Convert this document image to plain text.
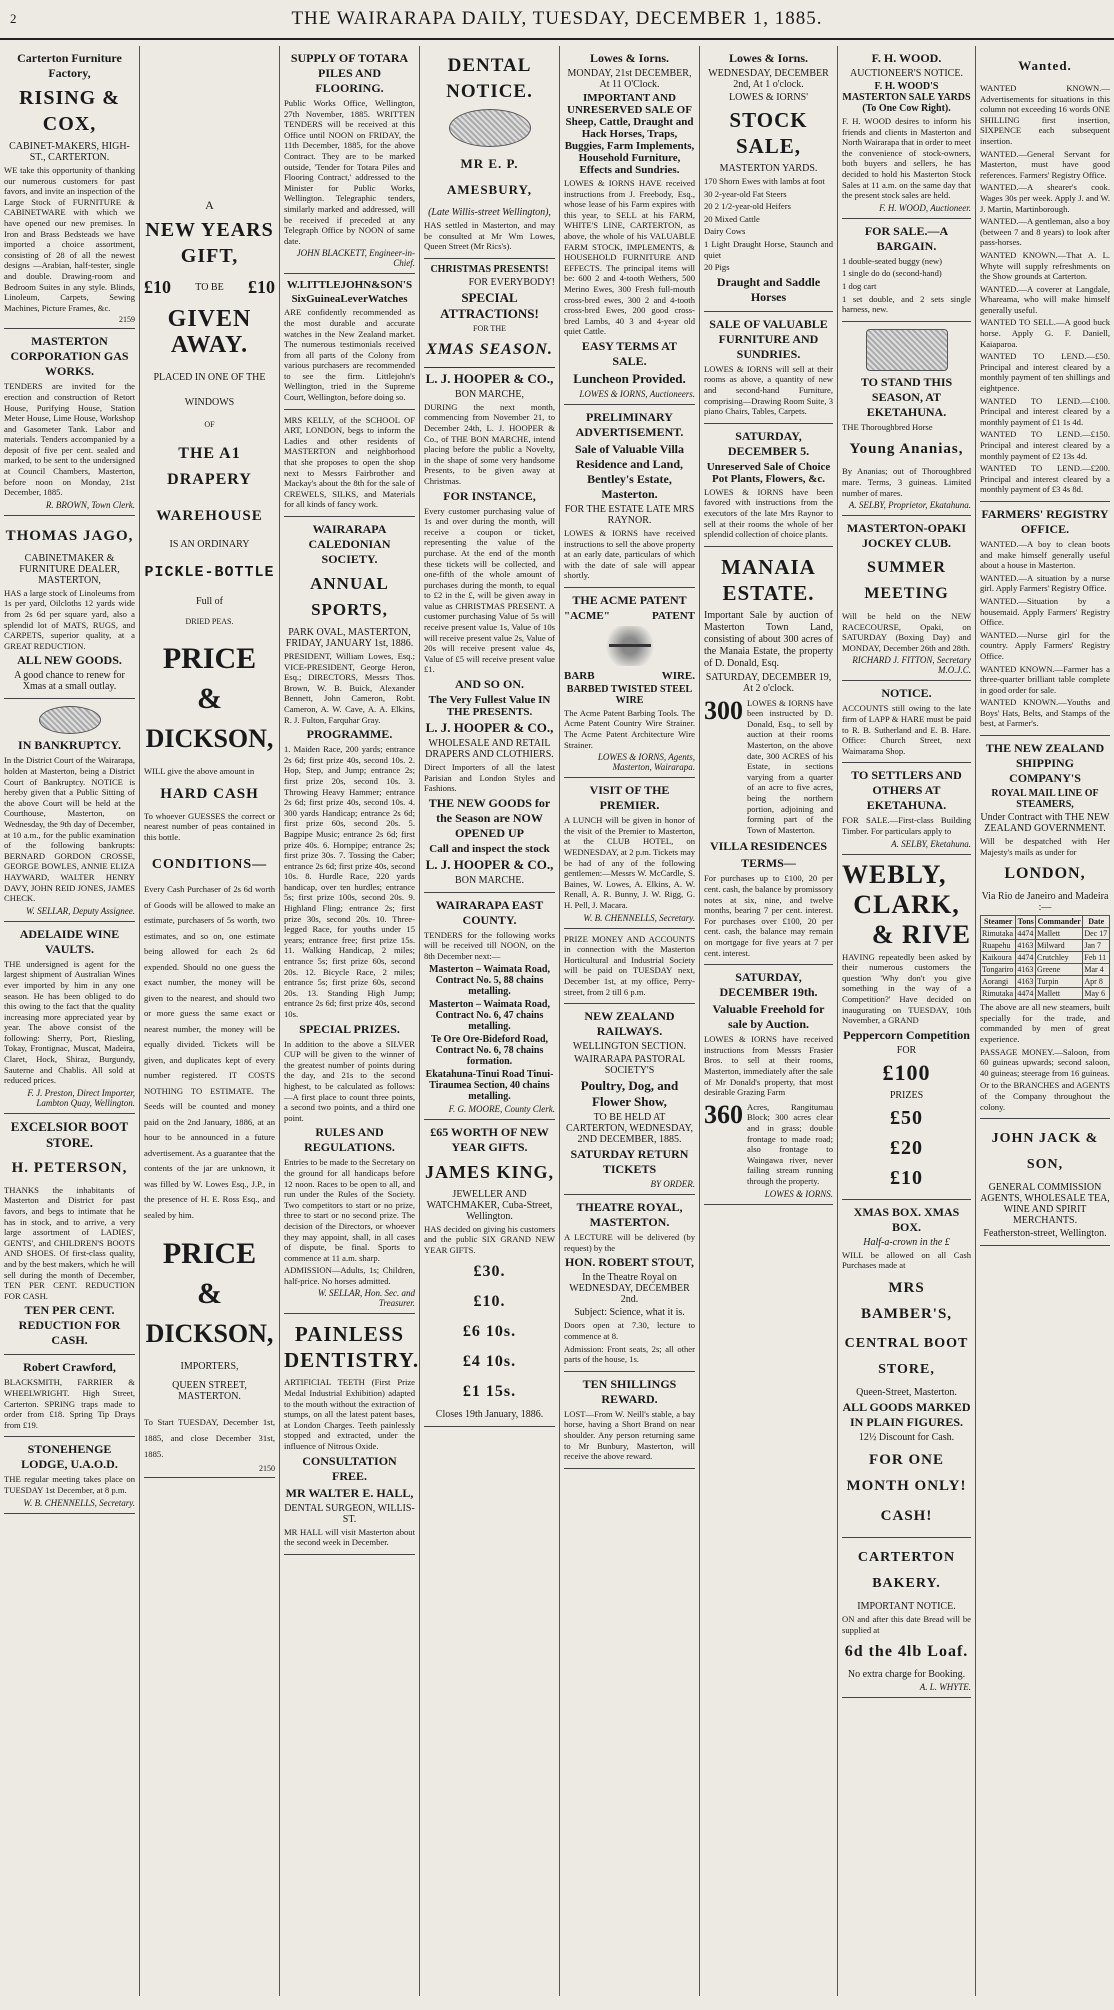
2	THE WAIRARAPA DAILY, TUESDAY, DECEMBER 1, 1885.
Carterton Furniture Factory,
RISING & COX,
CABINET-MAKERS, HIGH-ST., CARTERTON.
WE take this opportunity of thanking our numerous customers for past favors, and invite an inspection of the Large Stock of FURNITURE & CABINETWARE with which we have opened our new premises. In Iron and Brass Bedsteads we have imported a choice assortment, consisting of 28 of all the newest designs —Arabian, half-tester, single and double. Drawing-room and Bedroom Suites in any style. Blinds, Linoleum, Carpets, Sewing Machines, Picture Frames, &c.
2159
MASTERTON CORPORATION GAS WORKS.
TENDERS are invited for the erection and construction of Retort House, Purifying House, Station Meter House, Lime House, Workshop and Gasometer Tank. Labor and materials. Tenders accompanied by a deposit of five per cent. sealed and marked, to be sent to the undersigned at Council Chambers, Masterton, before noon on Monday, 21st December, 1885.
R. BROWN, Town Clerk.
THOMAS JAGO,
CABINETMAKER & FURNITURE DEALER, MASTERTON,
HAS a large stock of Linoleums from 1s per yard, Oilcloths 12 yards wide from 2s 6d per square yard, also a splendid lot of MATS, RUGS, and CARPETS, superior quality, at a GREAT REDUCTION.
ALL NEW GOODS.
A good chance to renew for Xmas at a small outlay.
IN BANKRUPTCY.
In the District Court of the Wairarapa, holden at Masterton, being a District Court of Bankruptcy. NOTICE is hereby given that a Public Sitting of the above Court will be held at the Courthouse, Masterton, on Wednesday, the 9th day of December, at 10 a.m., for the public examination of the following bankrupts: BERNARD GORDON CROSSE, GEORGE BOWLES, ANNIE ELIZA HAYWARD, WALTER HENRY DAVY, JOHN REID JONES, JAMES CHECK.
W. SELLAR, Deputy Assignee.
ADELAIDE WINE VAULTS.
THE undersigned is agent for the largest shipment of Australian Wines ever imported by him in any one season. He has been obliged to do this owing to the fact that the quality increasing more appreciated year by year. The above consist of the following: Sherry, Port, Riesling, Tokay, Frontignac, Muscat, Madeira, Claret, Hock, Shiraz, Burgundy, Sauterne and Chablis. All sold at reduced prices.
F. J. Preston, Direct Importer, Lambton Quay, Wellington.
EXCELSIOR BOOT STORE.
H. PETERSON,
THANKS the inhabitants of Masterton and District for past favors, and begs to intimate that he has in stock, and to arrive, a very large assortment of LADIES', GENTS', and CHILDREN'S BOOTS AND SHOES. Of first-class quality, and by the best makers, which he will sell during the month of December, TEN PER CENT. REDUCTION FOR CASH.
TEN PER CENT. REDUCTION FOR CASH.
Robert Crawford,
BLACKSMITH, FARRIER & WHEELWRIGHT. High Street, Carterton. SPRING traps made to order from £18. Spring Tip Drays from £19.
STONEHENGE LODGE, U.A.O.D.
THE regular meeting takes place on TUESDAY 1st December, at 8 p.m.
W. B. CHENNELLS, Secretary.
A
NEW YEARS GIFT,
£10 TO BE £10
GIVEN AWAY.
PLACED IN ONE OF THE
WINDOWS
OF
THE A1 DRAPERY
WAREHOUSE
IS AN ORDINARY
PICKLE-BOTTLE
Full of
DRIED PEAS.
PRICE
&
DICKSON,
WILL give the above amount in
HARD CASH
To whoever GUESSES the correct or nearest number of peas contained in this bottle.
CONDITIONS—
Every Cash Purchaser of 2s 6d worth of Goods will be allowed to make an estimate, purchasers of 5s worth, two estimates, and so on, one estimate being allowed for each 2s 6d expended. Should no one guess the exact number, the money will be given to the nearest, and should two or more guess the same exact or nearest number, the money will be equally divided. Tickets will be given, and duplicates kept of every number registered. IT COSTS NOTHING TO ESTIMATE. The Seeds will be counted and money paid on the 2nd January, 1886, at an hour to be announced in a future advertisement. As a guarantee that the contents of the jar are unknown, it was filled by W. Lowes Esq., J.P., in the presence of H. E. Ross Esq., and sealed by him.
PRICE
&
DICKSON,
IMPORTERS,
QUEEN STREET, MASTERTON.
To Start TUESDAY, December 1st, 1885, and close December 31st, 1885.
2150
SUPPLY OF TOTARA PILES AND FLOORING.
Public Works Office, Wellington, 27th November, 1885. WRITTEN TENDERS will be received at this Office until NOON on FRIDAY, the 11th December, 1885, for the above Contract. They are to be marked outside, 'Tender for Totara Piles and Flooring Contract,' addressed to the Minister for Public Works, Wellington. Telegraphic tenders, similarly marked and addressed, will be received if preceded at any Telegraph Office by NOON of same date.
JOHN BLACKETT, Engineer-in-Chief.
W.LITTLEJOHN&SON'S
SixGuineaLeverWatches
ARE confidently recommended as the most durable and accurate watches in the New Zealand market. The numerous testimonials received from all parts of the Colony from various purchasers are recommended to see the firm. Littlejohn's Wellington, tried in the Supreme Court, Wellington, before doing so.
MRS KELLY, of the SCHOOL OF ART, LONDON, begs to inform the Ladies and other residents of MASTERTON and neighborhood that she proposes to open the shop next to Messrs Fairbrother and Mackay's about the 8th for the sale of CREWELS, SILKS, and Materials for all kinds of fancy work.
WAIRARAPA CALEDONIAN SOCIETY.
ANNUAL SPORTS,
PARK OVAL, MASTERTON, FRIDAY, JANUARY 1st, 1886.
PRESIDENT, William Lowes, Esq.; VICE-PRESIDENT, George Heron, Esq.; DIRECTORS, Messrs Thos. Brown, W. B. Buick, Alexander Bennett, John Cameron, Robt. Cameron, A. W. Cave, A. A. Elkins, R. J. Fulton, Farquhar Gray.
PROGRAMME.
1. Maiden Race, 200 yards; entrance 2s 6d; first prize 40s, second 10s. 2. Hop, Step, and Jump; entrance 2s; first prize 20s, second 10s. 3. Throwing Heavy Hammer; entrance 2s 6d; first prize 40s, second 10s. 4. 300 yards Handicap; entrance 2s 6d; first prize 60s, second 20s. 5. Bagpipe Music; entrance 2s 6d; first prize 40s. 6. Hornpipe; entrance 2s; first prize 30s. 7. Tossing the Caber; entrance 2s 6d; first prize 40s, second 10s. 8. Hurdle Race, 220 yards handicap, over ten hurdles; entrance 5s; first prize 100s, second 20s. 9. Highland Fling; entrance 2s; first prize 30s, second 20s. 10. Three-legged Race, for youths under 15 years; entrance free; first prize 15s. 11. Walking Handicap, 2 miles; entrance 5s; first prize 60s, second 20s. 12. Bicycle Race, 2 miles; entrance 5s; first prize 60s, second 20s. 13. Standing High Jump; entrance 2s 6d; first prize 40s, second 10s.
SPECIAL PRIZES.
In addition to the above a SILVER CUP will be given to the winner of the greatest number of points during the day, and 21s to the second highest, to be calculated as follows:—A first place to count three points, a second two points, and a third one point.
RULES AND REGULATIONS.
Entries to be made to the Secretary on the ground for all handicaps before 12 noon. Races to be open to all, and run under the Rules of the Society. Two competitors to start or no prize, three to start or no second prize. The decision of the Directors, or whoever they may appoint, shall, in all cases of dispute, be final. Sports to commence at 11 a.m. sharp.
ADMISSION—Adults, 1s; Children, half-price. No horses admitted.
W. SELLAR, Hon. Sec. and Treasurer.
PAINLESS DENTISTRY.
ARTIFICIAL TEETH (First Prize Medal Industrial Exhibition) adapted to the mouth without the extraction of stumps, on all the latest patent bases, at London Charges. Teeth painlessly stopped and extracted, under the influence of Nitrous Oxide.
CONSULTATION FREE.
MR WALTER E. HALL,
DENTAL SURGEON, WILLIS-ST.
MR HALL will visit Masterton about the second week in December.
DENTAL NOTICE.
MR E. P. AMESBURY,
(Late Willis-street Wellington),
HAS settled in Masterton, and may be consulted at Mr Wm Lowes, Queen Street (Mr Rics's).
CHRISTMAS PRESENTS!
FOR EVERYBODY!
SPECIAL ATTRACTIONS!
FOR THE
XMAS SEASON.
L. J. HOOPER & CO.,
BON MARCHE,
DURING the next month, commencing from November 21, to December 24th, L. J. HOOPER & Co., of THE BON MARCHE, intend placing before the public a Novelty, in the shape of some very handsome Presents, to be given away at Christmas.
FOR INSTANCE,
Every customer purchasing value of 1s and over during the month, will receive a coupon or ticket, representing the value of the purchase. At the end of the month these tickets will be collected, and one-fifth of the whole amount of purchases during the month, to equal to £2 in the £, will be given away in value as CHRISTMAS PRESENT. A customer purchasing Value of 5s will receive present value 1s, Value of 10s will receive present value 2s, Value of 20s will receive present value 4s, Value of £5 will receive present value £1.
AND SO ON.
The Very Fullest Value IN THE PRESENTS.
L. J. HOOPER & CO.,
WHOLESALE AND RETAIL DRAPERS AND CLOTHIERS.
Direct Importers of all the latest Parisian and London Styles and Fashions.
THE NEW GOODS for the Season are NOW OPENED UP
Call and inspect the stock
L. J. HOOPER & CO.,
BON MARCHE.
WAIRARAPA EAST COUNTY.
TENDERS for the following works will be received till NOON, on the 8th December next:—
Masterton – Waimata Road, Contract No. 5, 88 chains metalling.
Masterton – Waimata Road, Contract No. 6, 47 chains metalling.
Te Ore Ore-Bideford Road, Contract No. 6, 78 chains formation.
Ekatahuna-Tinui Road Tinui-Tiraumea Section, 40 chains metalling.
F. G. MOORE, County Clerk.
£65 WORTH OF NEW YEAR GIFTS.
JAMES KING,
JEWELLER AND WATCHMAKER, Cuba-Street, Wellington.
HAS decided on giving his customers and the public SIX GRAND NEW YEAR GIFTS.
£30.
£10.
£6 10s.
£4 10s.
£1 15s.
Closes 19th January, 1886.
Lowes & Iorns.
MONDAY, 21st DECEMBER, At 11 O'Clock.
IMPORTANT AND UNRESERVED SALE OF Sheep, Cattle, Draught and Hack Horses, Traps, Buggies, Farm Implements, Household Furniture, Effects and Sundries.
LOWES & IORNS HAVE received instructions from J. Freebody, Esq., whose lease of his Farm expires with this year, to SELL at his FARM, WHITE'S LINE, CARTERTON, as above, the whole of his VALUABLE FARM STOCK, IMPLEMENTS, & HOUSEHOLD FURNITURE AND EFFECTS. The principal items will be: 600 2 and 4-tooth Wethers, 500 Merino Ewes, 300 Fresh full-mouth cross-bred ewes, 300 2 and 4-tooth cross-bred Ewes, 200 good cross-bred Lambs, 40 3 and 4-year old quiet Cattle.
EASY TERMS AT SALE.
Luncheon Provided.
LOWES & IORNS, Auctioneers.
PRELIMINARY ADVERTISEMENT.
Sale of Valuable Villa Residence and Land, Bentley's Estate, Masterton.
FOR THE ESTATE LATE MRS RAYNOR.
LOWES & IORNS have received instructions to sell the above property at an early date, particulars of which with the date of sale will appear shortly.
THE ACME PATENT
"ACME"	PATENT
BARB	WIRE.
BARBED TWISTED STEEL WIRE
The Acme Patent Barbing Tools. The Acme Patent Country Wire Strainer. The Acme Patent Architecture Wire Strainer.
LOWES & IORNS, Agents, Masterton, Wairarapa.
VISIT OF THE PREMIER.
A LUNCH will be given in honor of the visit of the Premier to Masterton, at the CLUB HOTEL, on WEDNESDAY, at 2 p.m. Tickets may be had of any of the following gentlemen:—Messrs W. McCardle, S. Baines, W. Lowes, A. Elkins, A. W. Renall, A. R. Bunny, J. W. Rigg, G. H. Pell, J. Macara.
W. B. CHENNELLS, Secretary.
PRIZE MONEY AND ACCOUNTS in connection with the Masterton Horticultural and Industrial Society will be paid on TUESDAY next, December 1st, at my office, Perry-street, from 2 till 6 p.m.
NEW ZEALAND RAILWAYS.
WELLINGTON SECTION.
WAIRARAPA PASTORAL SOCIETY'S
Poultry, Dog, and Flower Show,
TO BE HELD AT CARTERTON, WEDNESDAY, 2ND DECEMBER, 1885.
SATURDAY RETURN TICKETS
BY ORDER.
THEATRE ROYAL, MASTERTON.
A LECTURE will be delivered (by request) by the
HON. ROBERT STOUT,
In the Theatre Royal on WEDNESDAY, DECEMBER 2nd.
Subject: Science, what it is.
Doors open at 7.30, lecture to commence at 8.
Admission: Front seats, 2s; all other parts of the house, 1s.
TEN SHILLINGS REWARD.
LOST—From W. Neill's stable, a bay horse, having a Short Brand on near shoulder. Any person returning same to Mr Bunbury, Masterton, will receive the above reward.
Lowes & Iorns.
WEDNESDAY, DECEMBER 2nd, At 1 o'clock.
LOWES & IORNS'
STOCK SALE,
MASTERTON YARDS.
170 Shorn Ewes with lambs at foot
30 2-year-old Fat Steers
20 2 1/2-year-old Heifers
20 Mixed Cattle
Dairy Cows
1 Light Draught Horse, Staunch and quiet
20 Pigs
Draught and Saddle Horses
SALE OF VALUABLE FURNITURE AND SUNDRIES.
LOWES & IORNS will sell at their rooms as above, a quantity of new and second-hand Furniture, comprising—Drawing Room Suite, 3 piano Chairs, Tables, Carpets.
SATURDAY, DECEMBER 5.
Unreserved Sale of Choice Pot Plants, Flowers, &c.
LOWES & IORNS have been favored with instructions from the executors of the late Mrs Raynor to sell at their rooms the whole of her splendid collection of choice plants.
MANAIA ESTATE.
Important Sale by auction of Masterton Town Land, consisting of about 300 acres of the Manaia Estate, the property of D. Donald, Esq.
SATURDAY, DECEMBER 19, At 2 o'clock.
300 LOWES & IORNS have been instructed by D. Donald, Esq., to sell by auction at their rooms Masterton, on the above date, 300 ACRES of his Estate, in sections varying from a quarter of an acre to five acres, being the northern portion, adjoining and forming part of the Town of Masterton.
VILLA RESIDENCES
TERMS—
For purchases up to £100, 20 per cent. cash, the balance by promissory notes at six, nine, and twelve months, bearing 7 per cent. interest. For purchases over £100, 20 per cent. cash, the balance may remain on mortgage for five years at 7 per cent. interest.
SATURDAY, DECEMBER 19th.
Valuable Freehold for sale by Auction.
LOWES & IORNS have received instructions from Messrs Frasier Bros. to sell at their rooms, Masterton, immediately after the sale of Mr Donald's property, that most desirable Grazing Farm
360 Acres, Rangitumau Block; 300 acres clear and in grass; double frontage to made road; also frontage to Waingawa river, never failing stream running through the property.
LOWES & IORNS.
F. H. WOOD.
AUCTIONEER'S NOTICE.
F. H. WOOD'S MASTERTON SALE YARDS (To One Cow Right).
F. H. WOOD desires to inform his friends and clients in Masterton and North Wairarapa that in order to meet the convenience of stock-owners, both buyers and sellers, he has decided to hold his Masterton Stock Sales at 11 a.m. on the same day that the present stock sales are held.
F. H. WOOD, Auctioneer.
FOR SALE.—A BARGAIN.
1 double-seated buggy (new)
1 single do do (second-hand)
1 dog cart
1 set double, and 2 sets single harness, new.
TO STAND THIS SEASON, AT EKETAHUNA.
THE Thoroughbred Horse
Young Ananias,
By Ananias; out of Thoroughbred mare. Terms, 3 guineas. Limited number of mares.
A. SELBY, Proprietor, Ekatahuna.
MASTERTON-OPAKI JOCKEY CLUB.
SUMMER MEETING
Will be held on the NEW RACECOURSE, Opaki, on SATURDAY (Boxing Day) and MONDAY, December 26th and 28th.
RICHARD J. FITTON, Secretary M.O.J.C.
NOTICE.
ACCOUNTS still owing to the late firm of LAPP & HARE must be paid to R. B. Sutherland and E. B. Hare. Office: Church Street, next Waimarama Shop.
TO SETTLERS AND OTHERS AT EKETAHUNA.
FOR SALE.—First-class Building Timber. For particulars apply to
A. SELBY, Eketahuna.
WEBLY,
CLARK,
& RIVE
HAVING repeatedly been asked by their numerous customers the question 'Why don't you give something in the way of a Competition?' Have decided on inaugurating on TUESDAY, 10th November, a GRAND
Peppercorn Competition
FOR
£100
PRIZES
£50
£20
£10
XMAS BOX. XMAS BOX.
Half-a-crown in the £
WILL be allowed on all Cash Purchases made at
MRS BAMBER'S,
CENTRAL BOOT STORE,
Queen-Street, Masterton.
ALL GOODS MARKED IN PLAIN FIGURES.
12½ Discount for Cash.
FOR ONE MONTH ONLY!
CASH!
CARTERTON BAKERY.
IMPORTANT NOTICE.
ON and after this date Bread will be supplied at
6d the 4lb Loaf.
No extra charge for Booking.
A. L. WHYTE.
Wanted.
WANTED KNOWN.—Advertisements for situations in this column not exceeding 16 words ONE SHILLING first insertion, SIXPENCE each subsequent insertion.
WANTED.—General Servant for Masterton, must have good references. Farmers' Registry Office.
WANTED.—A shearer's cook. Wages 30s per week. Apply J. and W. J. Martin, Martinborough.
WANTED.—A gentleman, also a boy (between 7 and 8 years) to look after pass-horses.
WANTED KNOWN.—That A. L. Whyte will supply refreshments on the Show grounds at Carterton.
WANTED.—A coverer at Langdale, Whareama, who will make himself generally useful.
WANTED TO SELL.—A good buck horse. Apply G. F. Daniell, Kaiaparoa.
WANTED TO LEND.—£50. Principal and interest cleared by a monthly payment of ten shillings and eightpence.
WANTED TO LEND.—£100. Principal and interest cleared by a monthly payment of £1 1s 4d.
WANTED TO LEND.—£150. Principal and interest cleared by a monthly payment of £2 13s 4d.
WANTED TO LEND.—£200. Principal and interest cleared by a monthly payment of £3 4s 8d.
FARMERS' REGISTRY OFFICE.
WANTED.—A boy to clean boots and make himself generally useful about a house in Masterton.
WANTED.—A situation by a nurse girl. Apply Farmers' Registry Office.
WANTED.—Situation by a housemaid. Apply Farmers' Registry Office.
WANTED.—Nurse girl for the country. Apply Farmers' Registry Office.
WANTED KNOWN.—Farmer has a three-quarter brilliant table complete in good order for sale.
WANTED KNOWN.—Youths and Boys' Hats, Belts, and Stamps of the best, at Farmer's.
THE NEW ZEALAND SHIPPING COMPANY'S
ROYAL MAIL LINE OF STEAMERS,
Under Contract with THE NEW ZEALAND GOVERNMENT.
Will be despatched with Her Majesty's mails as under for
LONDON,
Via Rio de Janeiro and Madeira :—
Steamer	Tons	Commander	Date
Rimutaka	4474	Mallett	Dec 17
Ruapehu	4163	Milward	Jan 7
Kaikoura	4474	Crutchley	Feb 11
Tongariro	4163	Greene	Mar 4
Aorangi	4163	Turpin	Apr 8
Rimutaka	4474	Mallett	May 6
The above are all new steamers, built specially for the trade, and commanded by men of great experience.
PASSAGE MONEY.—Saloon, from 60 guineas upwards; second saloon, 40 guineas; steerage from 16 guineas.
Or to the BRANCHES and AGENTS of the Company throughout the colony.
JOHN JACK & SON,
GENERAL COMMISSION AGENTS, WHOLESALE TEA, WINE AND SPIRIT MERCHANTS.
Featherston-street, Wellington.
